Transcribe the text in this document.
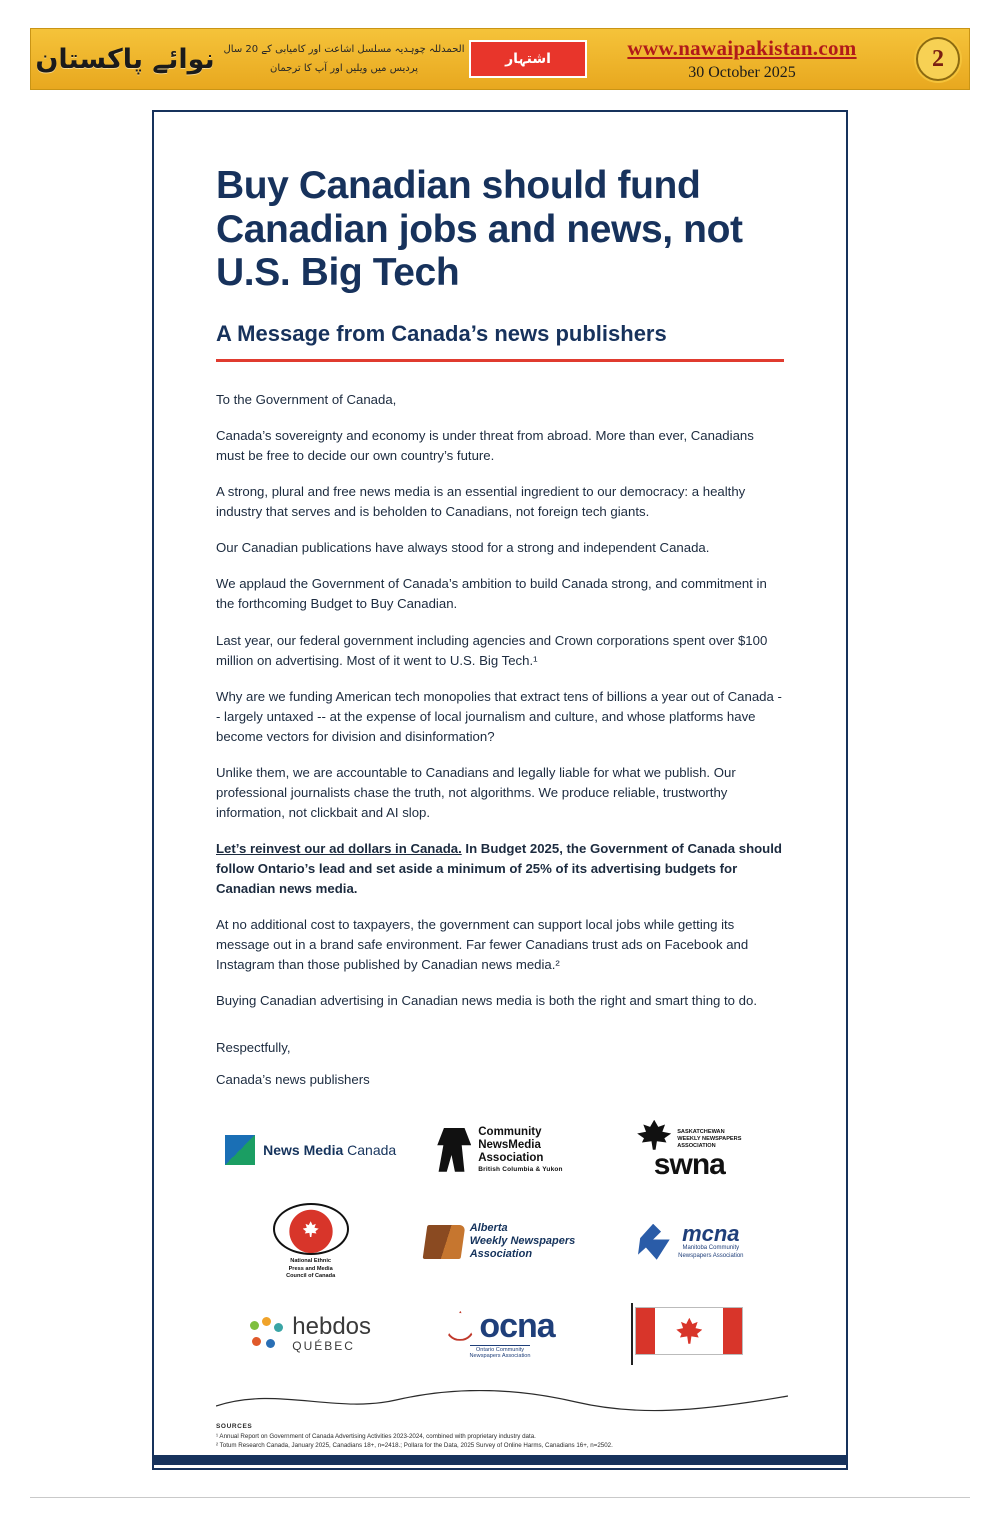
نوائے پاکستان الحمدللہ چوہدیہ مسلسل اشاعت اور کامیابی کے 20 سال
پردیس میں ویلیں اور آپ کا ترجمان
اشتہار	www.nawaipakistan.com
30 October 2025
2
Buy Canadian should fund Canadian jobs and news, not U.S. Big Tech
A Message from Canada’s news publishers

To the Government of Canada,

Canada’s sovereignty and economy is under threat from abroad. More than ever, Canadians must be free to decide our own country’s future.

A strong, plural and free news media is an essential ingredient to our democracy: a healthy industry that serves and is beholden to Canadians, not foreign tech giants.

Our Canadian publications have always stood for a strong and independent Canada.

We applaud the Government of Canada’s ambition to build Canada strong, and commitment in the forthcoming Budget to Buy Canadian.

Last year, our federal government including agencies and Crown corporations spent over $100 million on advertising. Most of it went to U.S. Big Tech.¹

Why are we funding American tech monopolies that extract tens of billions a year out of Canada -- largely untaxed -- at the expense of local journalism and culture, and whose platforms have become vectors for division and disinformation?

Unlike them, we are accountable to Canadians and legally liable for what we publish. Our professional journalists chase the truth, not algorithms. We produce reliable, trustworthy information, not clickbait and AI slop.

Let’s reinvest our ad dollars in Canada. In Budget 2025, the Government of Canada should follow Ontario’s lead and set aside a minimum of 25% of its advertising budgets for Canadian news media.

At no additional cost to taxpayers, the government can support local jobs while getting its message out in a brand safe environment. Far fewer Canadians trust ads on Facebook and Instagram than those published by Canadian news media.²

Buying Canadian advertising in Canadian news media is both the right and smart thing to do.

Respectfully,

Canada’s news publishers

News Media Canada
Community
NewsMedia
Association
British Columbia & Yukon
SASKATCHEWAN
WEEKLY NEWSPAPERS
ASSOCIATION
swna
National Ethnic
Press and Media
Council of Canada
Alberta
Weekly Newspapers
Association
mcna
Manitoba Community
Newspapers Association
hebdos
QUÉBEC
ocna
Ontario Community
Newspapers Association
SOURCES
¹ Annual Report on Government of Canada Advertising Activities 2023-2024, combined with proprietary industry data.
² Totum Research Canada, January 2025, Canadians 18+, n=2418.; Pollara for the Data, 2025 Survey of Online Harms, Canadians 16+, n=2502.
